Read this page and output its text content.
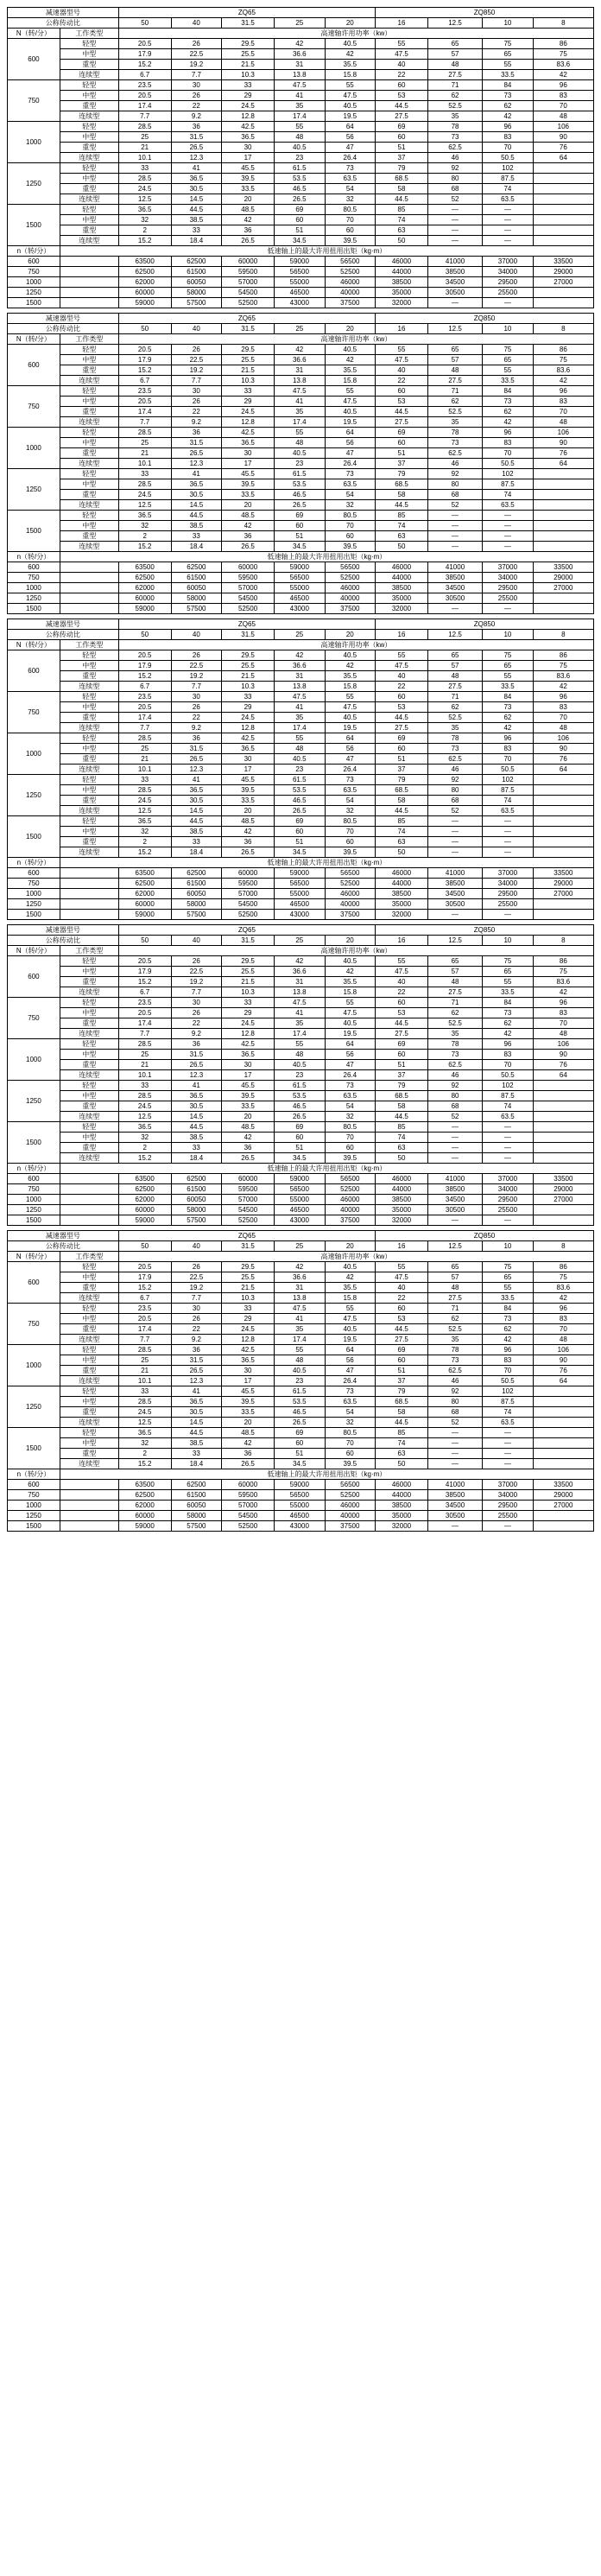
减速器型号		ZQ65					ZQ850			
公称传动比		50	40	31.5	25	20	16	12.5	10	8
N（转/分）	工作类型	高速轴许用功率（kw）								
600	轻型	20.5	26	29.5	42	40.5	55	65	75	86
	中型	17.9	22.5	25.5	36.6	42	47.5	57	65	75
	重型	15.2	19.2	21.5	31	35.5	40	48	55	83.6
	连续型	6.7	7.7	10.3	13.8	15.8	22	27.5	33.5	42
750	轻型	23.5	30	33	47.5	55	60	71	84	96
	中型	20.5	26	29	41	47.5	53	62	73	83
	重型	17.4	22	24.5	35	40.5	44.5	52.5	62	70
	连续型	7.7	9.2	12.8	17.4	19.5	27.5	35	42	48
1000	轻型	28.5	36	42.5	55	64	69	78	96	106
	中型	25	31.5	36.5	48	56	60	73	83	90
	重型	21	26.5	30	40.5	47	51	62.5	70	76
	连续型	10.1	12.3	17	23	26.4	37	46	50.5	64
1250	轻型	33	41	45.5	61.5	73	79	92	102	
	中型	28.5	36.5	39.5	53.5	63.5	68.5	80	87.5	
	重型	24.5	30.5	33.5	46.5	54	58	68	74	
	连续型	12.5	14.5	20	26.5	32	44.5	52	63.5	
1500	轻型	36.5	44.5	48.5	69	80.5	85	—	—	
	中型	32	38.5	42	60	70	74	—	—	
	重型	2	33	36	51	60	63	—	—	
	连续型	15.2	18.4	26.5	34.5	39.5	50	—	—	
n（转/分）	低速轴上的最大许用扭用出矩（kg·m）									
600		63500	62500	60000	59000	56500	46000	41000	37000	33500
750		62500	61500	59500	56500	52500	44000	38500	34000	29000
1000		62000	60050	57000	55000	46000	38500	34500	29500	27000
1250		60000	58000	54500	46500	40000	35000	30500	25500	
1500		59000	57500	52500	43000	37500	32000	—	—	
减速器型号		ZQ65					ZQ850			
公称传动比		50	40	31.5	25	20	16	12.5	10	8
N（转/分）	工作类型	高速轴许用功率（kw）								
600	轻型	20.5	26	29.5	42	40.5	55	65	75	86
	中型	17.9	22.5	25.5	36.6	42	47.5	57	65	75
	重型	15.2	19.2	21.5	31	35.5	40	48	55	83.6
	连续型	6.7	7.7	10.3	13.8	15.8	22	27.5	33.5	42
750	轻型	23.5	30	33	47.5	55	60	71	84	96
	中型	20.5	26	29	41	47.5	53	62	73	83
	重型	17.4	22	24.5	35	40.5	44.5	52.5	62	70
	连续型	7.7	9.2	12.8	17.4	19.5	27.5	35	42	48
1000	轻型	28.5	36	42.5	55	64	69	78	96	106
	中型	25	31.5	36.5	48	56	60	73	83	90
	重型	21	26.5	30	40.5	47	51	62.5	70	76
	连续型	10.1	12.3	17	23	26.4	37	46	50.5	64
1250	轻型	33	41	45.5	61.5	73	79	92	102	
	中型	28.5	36.5	39.5	53.5	63.5	68.5	80	87.5	
	重型	24.5	30.5	33.5	46.5	54	58	68	74	
	连续型	12.5	14.5	20	26.5	32	44.5	52	63.5	
1500	轻型	36.5	44.5	48.5	69	80.5	85	—	—	
	中型	32	38.5	42	60	70	74	—	—	
	重型	2	33	36	51	60	63	—	—	
	连续型	15.2	18.4	26.5	34.5	39.5	50	—	—	
n（转/分）	低速轴上的最大许用扭用出矩（kg·m）									
600		63500	62500	60000	59000	56500	46000	41000	37000	33500
750		62500	61500	59500	56500	52500	44000	38500	34000	29000
1000		62000	60050	57000	55000	46000	38500	34500	29500	27000
1250		60000	58000	54500	46500	40000	35000	30500	25500	
1500		59000	57500	52500	43000	37500	32000	—	—	
减速器型号		ZQ65					ZQ850			
公称传动比		50	40	31.5	25	20	16	12.5	10	8
N（转/分）	工作类型	高速轴许用功率（kw）								
600	轻型	20.5	26	29.5	42	40.5	55	65	75	86
	中型	17.9	22.5	25.5	36.6	42	47.5	57	65	75
	重型	15.2	19.2	21.5	31	35.5	40	48	55	83.6
	连续型	6.7	7.7	10.3	13.8	15.8	22	27.5	33.5	42
750	轻型	23.5	30	33	47.5	55	60	71	84	96
	中型	20.5	26	29	41	47.5	53	62	73	83
	重型	17.4	22	24.5	35	40.5	44.5	52.5	62	70
	连续型	7.7	9.2	12.8	17.4	19.5	27.5	35	42	48
1000	轻型	28.5	36	42.5	55	64	69	78	96	106
	中型	25	31.5	36.5	48	56	60	73	83	90
	重型	21	26.5	30	40.5	47	51	62.5	70	76
	连续型	10.1	12.3	17	23	26.4	37	46	50.5	64
1250	轻型	33	41	45.5	61.5	73	79	92	102	
	中型	28.5	36.5	39.5	53.5	63.5	68.5	80	87.5	
	重型	24.5	30.5	33.5	46.5	54	58	68	74	
	连续型	12.5	14.5	20	26.5	32	44.5	52	63.5	
1500	轻型	36.5	44.5	48.5	69	80.5	85	—	—	
	中型	32	38.5	42	60	70	74	—	—	
	重型	2	33	36	51	60	63	—	—	
	连续型	15.2	18.4	26.5	34.5	39.5	50	—	—	
n（转/分）	低速轴上的最大许用扭用出矩（kg·m）									
600		63500	62500	60000	59000	56500	46000	41000	37000	33500
750		62500	61500	59500	56500	52500	44000	38500	34000	29000
1000		62000	60050	57000	55000	46000	38500	34500	29500	27000
1250		60000	58000	54500	46500	40000	35000	30500	25500	
1500		59000	57500	52500	43000	37500	32000	—	—	
减速器型号		ZQ65					ZQ850			
公称传动比		50	40	31.5	25	20	16	12.5	10	8
N（转/分）	工作类型	高速轴许用功率（kw）								
600	轻型	20.5	26	29.5	42	40.5	55	65	75	86
	中型	17.9	22.5	25.5	36.6	42	47.5	57	65	75
	重型	15.2	19.2	21.5	31	35.5	40	48	55	83.6
	连续型	6.7	7.7	10.3	13.8	15.8	22	27.5	33.5	42
750	轻型	23.5	30	33	47.5	55	60	71	84	96
	中型	20.5	26	29	41	47.5	53	62	73	83
	重型	17.4	22	24.5	35	40.5	44.5	52.5	62	70
	连续型	7.7	9.2	12.8	17.4	19.5	27.5	35	42	48
1000	轻型	28.5	36	42.5	55	64	69	78	96	106
	中型	25	31.5	36.5	48	56	60	73	83	90
	重型	21	26.5	30	40.5	47	51	62.5	70	76
	连续型	10.1	12.3	17	23	26.4	37	46	50.5	64
1250	轻型	33	41	45.5	61.5	73	79	92	102	
	中型	28.5	36.5	39.5	53.5	63.5	68.5	80	87.5	
	重型	24.5	30.5	33.5	46.5	54	58	68	74	
	连续型	12.5	14.5	20	26.5	32	44.5	52	63.5	
1500	轻型	36.5	44.5	48.5	69	80.5	85	—	—	
	中型	32	38.5	42	60	70	74	—	—	
	重型	2	33	36	51	60	63	—	—	
	连续型	15.2	18.4	26.5	34.5	39.5	50	—	—	
n（转/分）	低速轴上的最大许用扭用出矩（kg·m）									
600		63500	62500	60000	59000	56500	46000	41000	37000	33500
750		62500	61500	59500	56500	52500	44000	38500	34000	29000
1000		62000	60050	57000	55000	46000	38500	34500	29500	27000
1250		60000	58000	54500	46500	40000	35000	30500	25500	
1500		59000	57500	52500	43000	37500	32000	—	—	
减速器型号		ZQ65					ZQ850			
公称传动比		50	40	31.5	25	20	16	12.5	10	8
N（转/分）	工作类型	高速轴许用功率（kw）								
600	轻型	20.5	26	29.5	42	40.5	55	65	75	86
	中型	17.9	22.5	25.5	36.6	42	47.5	57	65	75
	重型	15.2	19.2	21.5	31	35.5	40	48	55	83.6
	连续型	6.7	7.7	10.3	13.8	15.8	22	27.5	33.5	42
750	轻型	23.5	30	33	47.5	55	60	71	84	96
	中型	20.5	26	29	41	47.5	53	62	73	83
	重型	17.4	22	24.5	35	40.5	44.5	52.5	62	70
	连续型	7.7	9.2	12.8	17.4	19.5	27.5	35	42	48
1000	轻型	28.5	36	42.5	55	64	69	78	96	106
	中型	25	31.5	36.5	48	56	60	73	83	90
	重型	21	26.5	30	40.5	47	51	62.5	70	76
	连续型	10.1	12.3	17	23	26.4	37	46	50.5	64
1250	轻型	33	41	45.5	61.5	73	79	92	102	
	中型	28.5	36.5	39.5	53.5	63.5	68.5	80	87.5	
	重型	24.5	30.5	33.5	46.5	54	58	68	74	
	连续型	12.5	14.5	20	26.5	32	44.5	52	63.5	
1500	轻型	36.5	44.5	48.5	69	80.5	85	—	—	
	中型	32	38.5	42	60	70	74	—	—	
	重型	2	33	36	51	60	63	—	—	
	连续型	15.2	18.4	26.5	34.5	39.5	50	—	—	
n（转/分）	低速轴上的最大许用扭用出矩（kg·m）									
600		63500	62500	60000	59000	56500	46000	41000	37000	33500
750		62500	61500	59500	56500	52500	44000	38500	34000	29000
1000		62000	60050	57000	55000	46000	38500	34500	29500	27000
1250		60000	58000	54500	46500	40000	35000	30500	25500	
1500		59000	57500	52500	43000	37500	32000	—	—	
